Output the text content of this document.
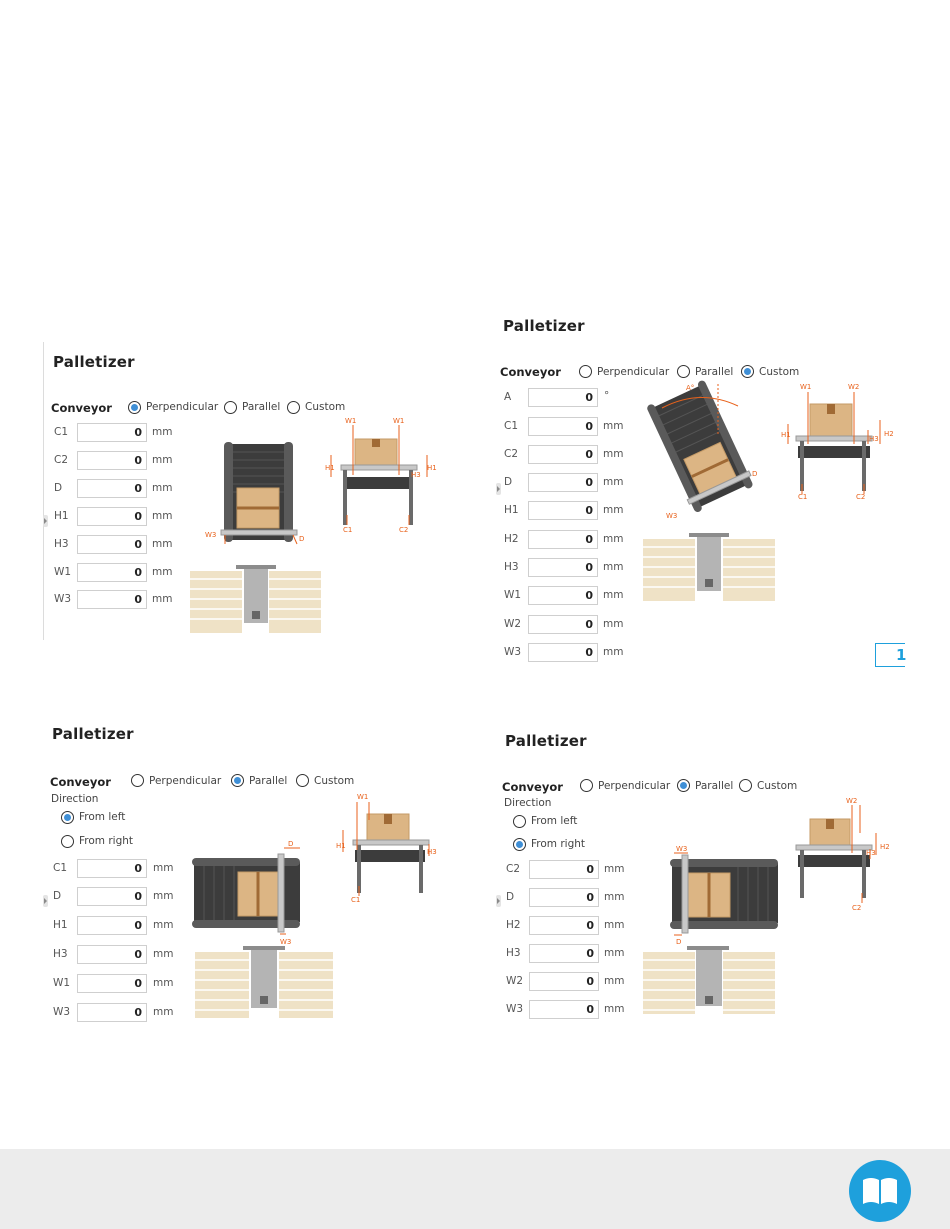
Palletizer
Conveyor	Perpendicular Parallel Custom
C1	0 mm
C2	0 mm
D	0 mm
H1	0 mm
H3	0 mm
W1	0 mm
W3	0 mm
W3	D
W1	W1
H1
H3
H1
C1	C2
Palletizer
Conveyor	Perpendicular Parallel Custom
A	0	°
C1	0 mm
C2	0 mm
D	0 mm
H1	0 mm
H2	0 mm
H3	0 mm
W1	0 mm
W2	0 mm
W3	0 mm
A°
D
W3
W1	W2
H1	H2
H3
C1	C2
1
Palletizer
Conveyor	Perpendicular	Parallel	Custom
Direction
From left
From right
C1	0	mm
D	0	mm
H1	0	mm
H3	0	mm
W1	0	mm
W3	0	mm
W1
H1
H3
C1
D
W3
Palletizer
Conveyor	Perpendicular Parallel Custom
Direction
From left
From right
C2	0 mm
D	0 mm
H2	0 mm
H3	0 mm
W2	0 mm
W3	0 mm
W3
D
W2
H2
H3
C2
